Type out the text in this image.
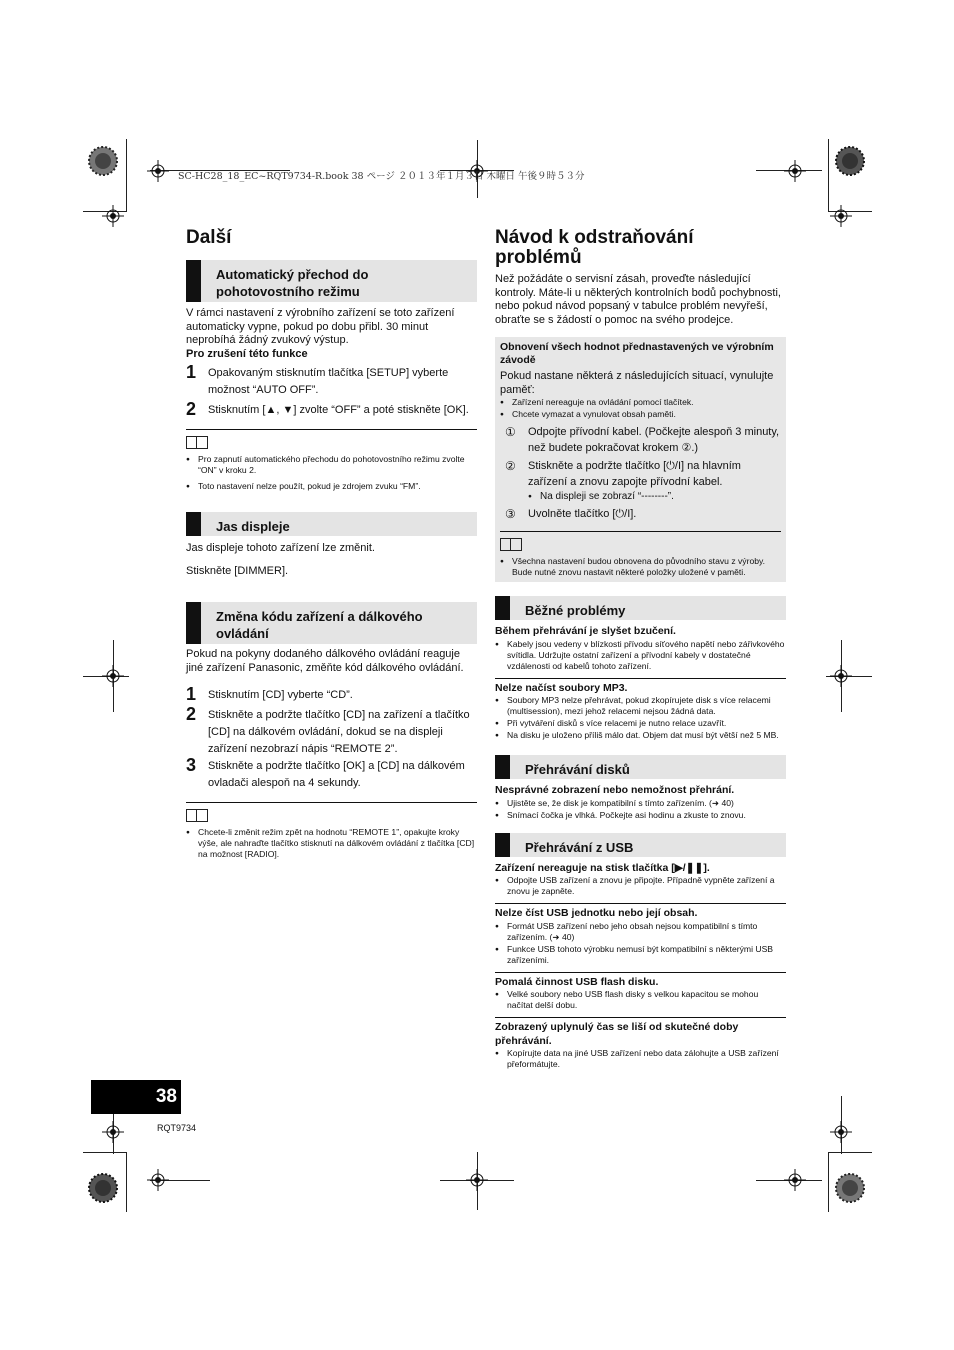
SC-HC28_18_EC~RQT9734-R.book 38 ページ ２０１３年１月３日 木曜日 午後９時５３分
Další
Automatický přechod do pohotovostního režimu
V rámci nastavení z výrobního zařízení se toto zařízení automaticky vypne, pokud po dobu přibl. 30 minut neprobíhá žádný zvukový výstup.
Pro zrušení této funkce
1 Opakovaným stisknutím tlačítka [SETUP] vyberte možnost “AUTO OFF”.
2 Stisknutím [▲, ▼] zvolte “OFF” a poté stiskněte [OK].
● Pro zapnutí automatického přechodu do pohotovostního režimu zvolte “ON” v kroku 2.
● Toto nastavení nelze použít, pokud je zdrojem zvuku “FM”.
Jas displeje
Jas displeje tohoto zařízení lze změnit.
Stiskněte [DIMMER].
Změna kódu zařízení a dálkového ovládání
Pokud na pokyny dodaného dálkového ovládání reaguje jiné zařízení Panasonic, změňte kód dálkového ovládání.
1 Stisknutím [CD] vyberte “CD”.
2 Stiskněte a podržte tlačítko [CD] na zařízení a tlačítko [CD] na dálkovém ovládání, dokud se na displeji zařízení nezobrazí nápis “REMOTE 2”.
3 Stiskněte a podržte tlačítko [OK] a [CD] na dálkovém ovladači alespoň na 4 sekundy.
● Chcete-li změnit režim zpět na hodnotu “REMOTE 1”, opakujte kroky výše, ale nahraďte tlačítko stisknutí na dálkovém ovládání z tlačítka [CD] na možnost [RADIO].
38
RQT9734
Návod k odstraňování problémů
Než požádáte o servisní zásah, proveďte následující kontroly. Máte-li u některých kontrolních bodů pochybnosti, nebo pokud návod popsaný v tabulce problém nevyřeší, obraťte se s žádostí o pomoc na svého prodejce.
Obnovení všech hodnot přednastavených ve výrobním závodě
Pokud nastane některá z následujících situací, vynulujte paměť:
● Zařízení nereaguje na ovládání pomocí tlačítek.
● Chcete vymazat a vynulovat obsah paměti.
① Odpojte přívodní kabel. (Počkejte alespoň 3 minuty, než budete pokračovat krokem ②.)
② Stiskněte a podržte tlačítko [⏻/I] na hlavním zařízení a znovu zapojte přívodní kabel.
● Na displeji se zobrazí “--------”.
③ Uvolněte tlačítko [⏻/I].
● Všechna nastavení budou obnovena do původního stavu z výroby. Bude nutné znovu nastavit některé položky uložené v paměti.
Běžné problémy
Během přehrávání je slyšet bzučení.
● Kabely jsou vedeny v blízkosti přívodu síťového napětí nebo zářivkového svítidla. Udržujte ostatní zařízení a přívodní kabely v dostatečné vzdálenosti od kabelů tohoto zařízení.
Nelze načíst soubory MP3.
● Soubory MP3 nelze přehrávat, pokud zkopírujete disk s více relacemi (multisession), mezi jehož relacemi nejsou žádná data.
● Při vytváření disků s více relacemi je nutno relace uzavřít.
● Na disku je uloženo příliš málo dat. Objem dat musí být větší než 5 MB.
Přehrávání disků
Nesprávné zobrazení nebo nemožnost přehrání.
● Ujistěte se, že disk je kompatibilní s tímto zařízením. (➜ 40)
● Snímací čočka je vlhká. Počkejte asi hodinu a zkuste to znovu.
Přehrávání z USB
Zařízení nereaguje na stisk tlačítka [▶/❚❚].
● Odpojte USB zařízení a znovu je připojte. Případně vypněte zařízení a znovu je zapněte.
Nelze číst USB jednotku nebo její obsah.
● Formát USB zařízení nebo jeho obsah nejsou kompatibilní s tímto zařízením. (➜ 40)
● Funkce USB tohoto výrobku nemusí být kompatibilní s některými USB zařízeními.
Pomalá činnost USB flash disku.
● Velké soubory nebo USB flash disky s velkou kapacitou se mohou načítat delší dobu.
Zobrazený uplynulý čas se liší od skutečné doby přehrávání.
● Kopírujte data na jiné USB zařízení nebo data zálohujte a USB zařízení přeformátujte.
